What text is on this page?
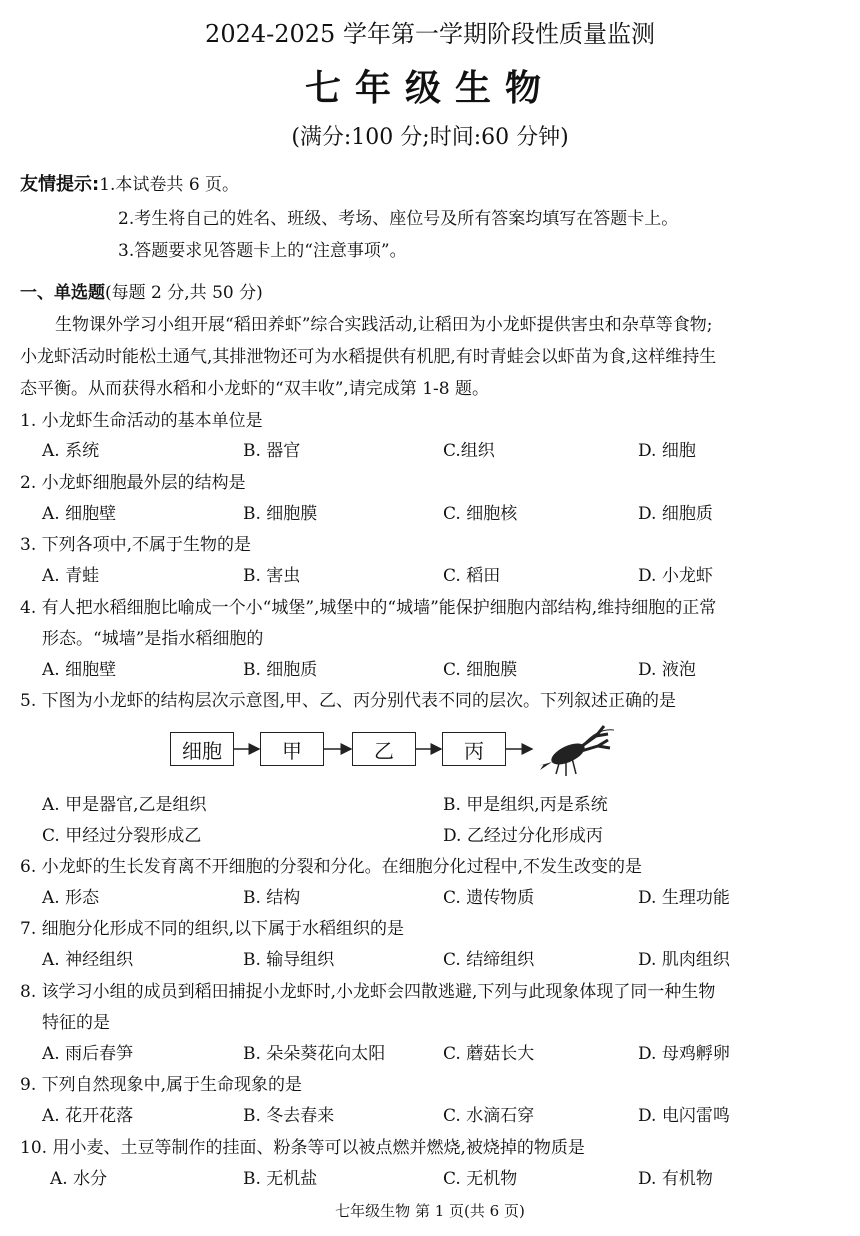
2024-2025 学年第一学期阶段性质量监测
七年级生物
(满分:100 分;时间:60 分钟)
友情提示:1.本试卷共 6 页。
2.考生将自己的姓名、班级、考场、座位号及所有答案均填写在答题卡上。
3.答题要求见答题卡上的“注意事项”。
一、单选题(每题 2 分,共 50 分)
生物课外学习小组开展“稻田养虾”综合实践活动,让稻田为小龙虾提供害虫和杂草等食物;
小龙虾活动时能松土通气,其排泄物还可为水稻提供有机肥,有时青蛙会以虾苗为食,这样维持生
态平衡。从而获得水稻和小龙虾的“双丰收”,请完成第 1-8 题。
1. 小龙虾生命活动的基本单位是
A. 系统	B. 器官	C.组织	D. 细胞
2. 小龙虾细胞最外层的结构是
A. 细胞壁	B. 细胞膜	C. 细胞核	D. 细胞质
3. 下列各项中,不属于生物的是
A. 青蛙	B. 害虫	C. 稻田	D. 小龙虾
4. 有人把水稻细胞比喻成一个小“城堡”,城堡中的“城墙”能保护细胞内部结构,维持细胞的正常
形态。“城墙”是指水稻细胞的
A. 细胞壁	B. 细胞质	C. 细胞膜	D. 液泡
5. 下图为小龙虾的结构层次示意图,甲、乙、丙分别代表不同的层次。下列叙述正确的是
细胞	甲	乙	丙
A. 甲是器官,乙是组织	B. 甲是组织,丙是系统
C. 甲经过分裂形成乙	D. 乙经过分化形成丙
6. 小龙虾的生长发育离不开细胞的分裂和分化。在细胞分化过程中,不发生改变的是
A. 形态	B. 结构	C. 遗传物质	D. 生理功能
7. 细胞分化形成不同的组织,以下属于水稻组织的是
A. 神经组织	B. 输导组织	C. 结缔组织	D. 肌肉组织
8. 该学习小组的成员到稻田捕捉小龙虾时,小龙虾会四散逃避,下列与此现象体现了同一种生物
特征的是
A. 雨后春笋	B. 朵朵葵花向太阳	C. 蘑菇长大	D. 母鸡孵卵
9. 下列自然现象中,属于生命现象的是
A. 花开花落	B. 冬去春来	C. 水滴石穿	D. 电闪雷鸣
10. 用小麦、土豆等制作的挂面、粉条等可以被点燃并燃烧,被烧掉的物质是
A. 水分	B. 无机盐	C. 无机物	D. 有机物
七年级生物 第 1 页(共 6 页)
